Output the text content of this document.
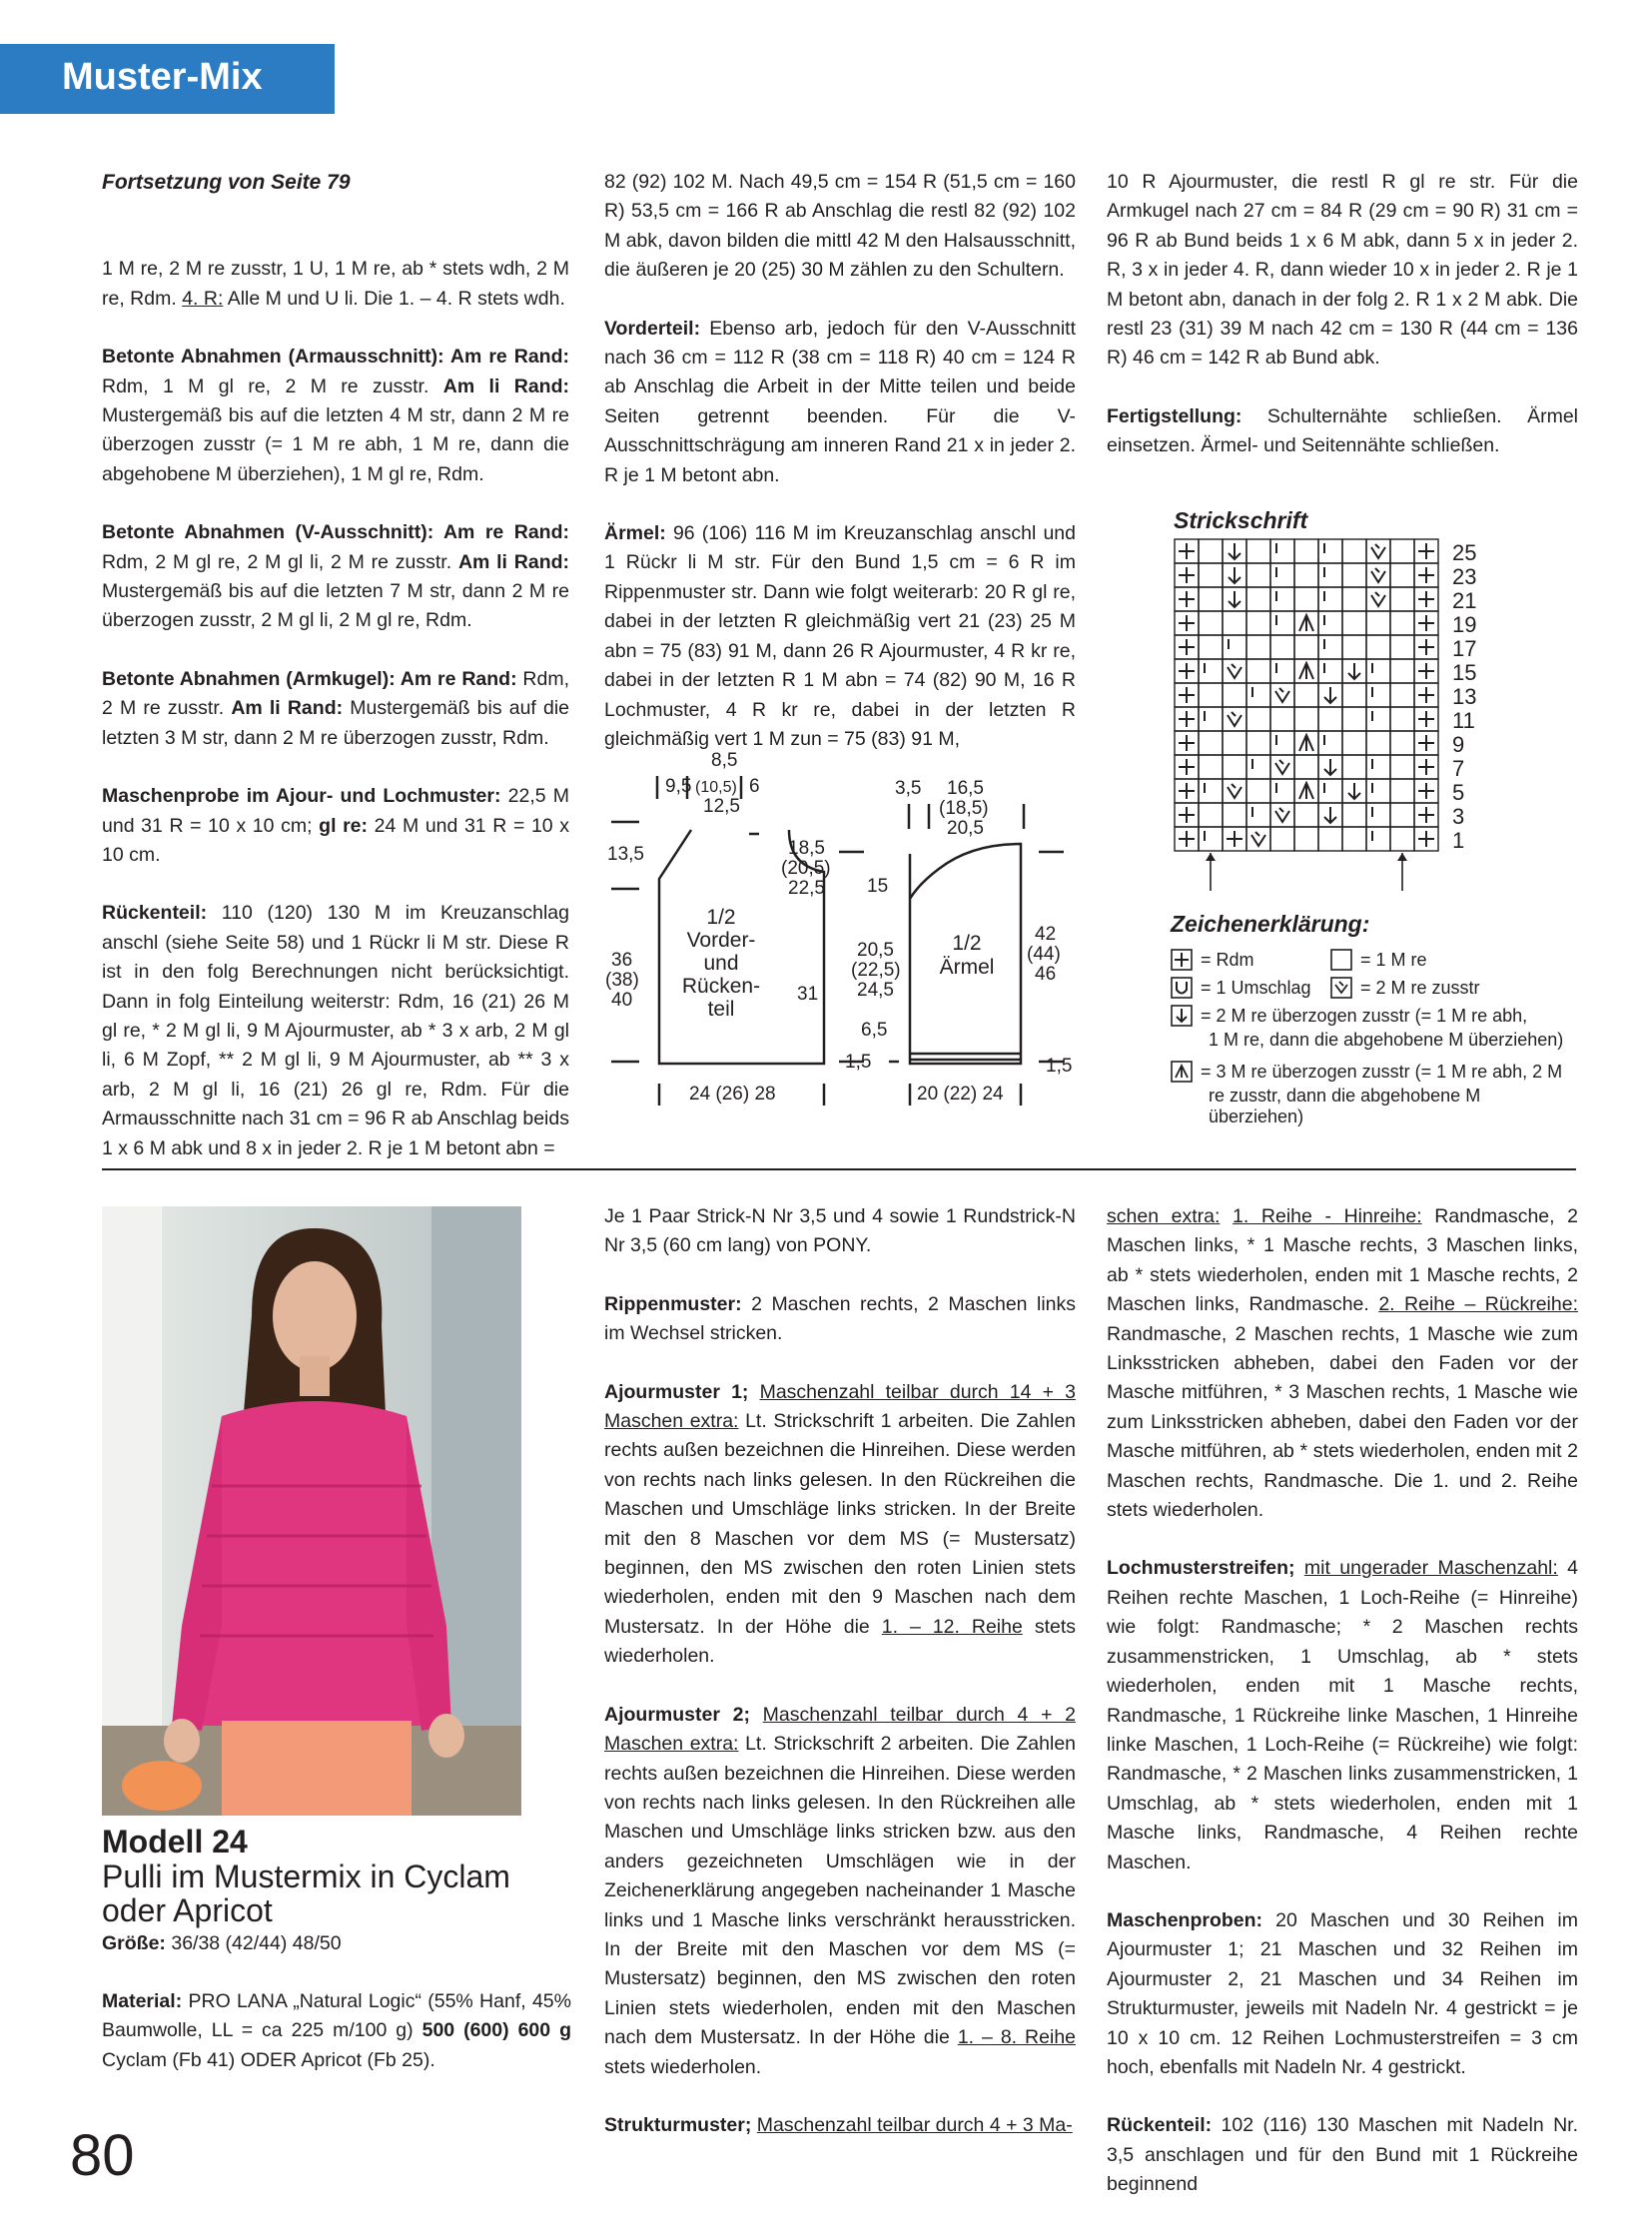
Muster-Mix

Fortsetzung von Seite 79

1 M re, 2 M re zusstr, 1 U, 1 M re, ab * stets wdh, 2 M re, Rdm. 4. R: Alle M und U li. Die 1. – 4. R stets wdh.

Betonte Abnahmen (Armausschnitt): Am re Rand: Rdm, 1 M gl re, 2 M re zusstr. Am li Rand: Mustergemäß bis auf die letzten 4 M str, dann 2 M re überzogen zusstr (= 1 M re abh, 1 M re, dann die abgehobene M überziehen), 1 M gl re, Rdm.

Betonte Abnahmen (V-Ausschnitt): Am re Rand: Rdm, 2 M gl re, 2 M gl li, 2 M re zusstr. Am li Rand: Mustergemäß bis auf die letzten 7 M str, dann 2 M re überzogen zusstr, 2 M gl li, 2 M gl re, Rdm.

Betonte Abnahmen (Armkugel): Am re Rand: Rdm, 2 M re zusstr. Am li Rand: Mustergemäß bis auf die letzten 3 M str, dann 2 M re überzogen zusstr, Rdm.

Maschenprobe im Ajour- und Lochmuster: 22,5 M und 31 R = 10 x 10 cm; gl re: 24 M und 31 R = 10 x 10 cm.

Rückenteil: 110 (120) 130 M im Kreuzanschlag anschl (siehe Seite 58) und 1 Rückr li M str. Diese R ist in den folg Berechnungen nicht berücksichtigt. Dann in folg Einteilung weiterstr: Rdm, 16 (21) 26 M gl re, * 2 M gl li, 9 M Ajourmuster, ab * 3 x arb, 2 M gl li, 6 M Zopf, ** 2 M gl li, 9 M Ajourmuster, ab ** 3 x arb, 2 M gl li, 16 (21) 26 gl re, Rdm. Für die Armausschnitte nach 31 cm = 96 R ab Anschlag beids 1 x 6 M abk und 8 x in jeder 2. R je 1 M betont abn =

82 (92) 102 M. Nach 49,5 cm = 154 R (51,5 cm = 160 R) 53,5 cm = 166 R ab Anschlag die restl 82 (92) 102 M abk, davon bilden die mittl 42 M den Halsausschnitt, die äußeren je 20 (25) 30 M zählen zu den Schultern.

Vorderteil: Ebenso arb, jedoch für den V-Ausschnitt nach 36 cm = 112 R (38 cm = 118 R) 40 cm = 124 R ab Anschlag die Arbeit in der Mitte teilen und beide Seiten getrennt beenden. Für die V-Ausschnittschrägung am inneren Rand 21 x in jeder 2. R je 1 M betont abn.

Ärmel: 96 (106) 116 M im Kreuzanschlag anschl und 1 Rückr li M str. Für den Bund 1,5 cm = 6 R im Rippenmuster str. Dann wie folgt weiterarb: 20 R gl re, dabei in der letzten R gleichmäßig vert 21 (23) 25 M abn = 75 (83) 91 M, dann 26 R Ajourmuster, 4 R kr re, dabei in der letzten R 1 M abn = 74 (82) 90 M, 16 R Lochmuster, 4 R kr re, dabei in der letzten R gleichmäßig vert 1 M zun = 75 (83) 91 M,

10 R Ajourmuster, die restl R gl re str. Für die Armkugel nach 27 cm = 84 R (29 cm = 90 R) 31 cm = 96 R ab Bund beids 1 x 6 M abk, dann 5 x in jeder 2. R, 3 x in jeder 4. R, dann wieder 10 x in jeder 2. R je 1 M betont abn, danach in der folg 2. R 1 x 2 M abk. Die restl 23 (31) 39 M nach 42 cm = 130 R (44 cm = 136 R) 46 cm = 142 R ab Bund abk.

Fertigstellung: Schulternähte schließen. Ärmel einsetzen. Ärmel- und Seitennähte schließen.

8,5
9,5 (10,5) 6
12,5
13,5
36
(38)
40
18,5
(20,5)
22,5
31
24 (26) 28
1/2
Vorder-
und
Rücken-
teil
1/2
Ärmel
3,5 16,5
(18,5)
20,5
15
20,5
(22,5)
24,5
6,5
1,5	1,5
42
(44)
46
20 (22) 24
Strickschrift
25
23
21
19
17
15
13
11
9
7
5
3
1
Zeichenerklärung:
= Rdm	= 1 M re
= 1 Umschlag	= 2 M re zusstr
= 2 M re überzogen zusstr (= 1 M re abh,
1 M re, dann die abgehobene M überziehen)
= 3 M re überzogen zusstr (= 1 M re abh, 2 M
re zusstr, dann die abgehobene M überziehen)
Modell 24
Pulli im Mustermix in Cyclam oder Apricot
Größe: 36/38 (42/44) 48/50
Material: PRO LANA „Natural Logic“ (55% Hanf, 45% Baumwolle, LL = ca 225 m/100 g) 500 (600) 600 g Cyclam (Fb 41) ODER Apricot (Fb 25).

Je 1 Paar Strick-N Nr 3,5 und 4 sowie 1 Rundstrick-N Nr 3,5 (60 cm lang) von PONY.

Rippenmuster: 2 Maschen rechts, 2 Maschen links im Wechsel stricken.

Ajourmuster 1; Maschenzahl teilbar durch 14 + 3 Maschen extra: Lt. Strickschrift 1 arbeiten. Die Zahlen rechts außen bezeichnen die Hinreihen. Diese werden von rechts nach links gelesen. In den Rückreihen die Maschen und Umschläge links stricken. In der Breite mit den 8 Maschen vor dem MS (= Mustersatz) beginnen, den MS zwischen den roten Linien stets wiederholen, enden mit den 9 Maschen nach dem Mustersatz. In der Höhe die 1. – 12. Reihe stets wiederholen.

Ajourmuster 2; Maschenzahl teilbar durch 4 + 2 Maschen extra: Lt. Strickschrift 2 arbeiten. Die Zahlen rechts außen bezeichnen die Hinreihen. Diese werden von rechts nach links gelesen. In den Rückreihen alle Maschen und Umschläge links stricken bzw. aus den anders gezeichneten Umschlägen wie in der Zeichenerklärung angegeben nacheinander 1 Masche links und 1 Masche links verschränkt herausstricken. In der Breite mit den Maschen vor dem MS (= Mustersatz) beginnen, den MS zwischen den roten Linien stets wiederholen, enden mit den Maschen nach dem Mustersatz. In der Höhe die 1. – 8. Reihe stets wiederholen.

Strukturmuster; Maschenzahl teilbar durch 4 + 3 Ma-

schen extra: 1. Reihe - Hinreihe: Randmasche, 2 Maschen links, * 1 Masche rechts, 3 Maschen links, ab * stets wiederholen, enden mit 1 Masche rechts, 2 Maschen links, Randmasche. 2. Reihe – Rückreihe: Randmasche, 2 Maschen rechts, 1 Masche wie zum Linksstricken abheben, dabei den Faden vor der Masche mitführen, * 3 Maschen rechts, 1 Masche wie zum Linksstricken abheben, dabei den Faden vor der Masche mitführen, ab * stets wiederholen, enden mit 2 Maschen rechts, Randmasche. Die 1. und 2. Reihe stets wiederholen.

Lochmusterstreifen; mit ungerader Maschenzahl: 4 Reihen rechte Maschen, 1 Loch-Reihe (= Hinreihe) wie folgt: Randmasche; * 2 Maschen rechts zusammenstricken, 1 Umschlag, ab * stets wiederholen, enden mit 1 Masche rechts, Randmasche, 1 Rückreihe linke Maschen, 1 Hinreihe linke Maschen, 1 Loch-Reihe (= Rückreihe) wie folgt: Randmasche, * 2 Maschen links zusammenstricken, 1 Umschlag, ab * stets wiederholen, enden mit 1 Masche links, Randmasche, 4 Reihen rechte Maschen.

Maschenproben: 20 Maschen und 30 Reihen im Ajourmuster 1; 21 Maschen und 32 Reihen im Ajourmuster 2, 21 Maschen und 34 Reihen im Strukturmuster, jeweils mit Nadeln Nr. 4 gestrickt = je 10 x 10 cm. 12 Reihen Lochmusterstreifen = 3 cm hoch, ebenfalls mit Nadeln Nr. 4 gestrickt.

Rückenteil: 102 (116) 130 Maschen mit Nadeln Nr. 3,5 anschlagen und für den Bund mit 1 Rückreihe beginnend

80
